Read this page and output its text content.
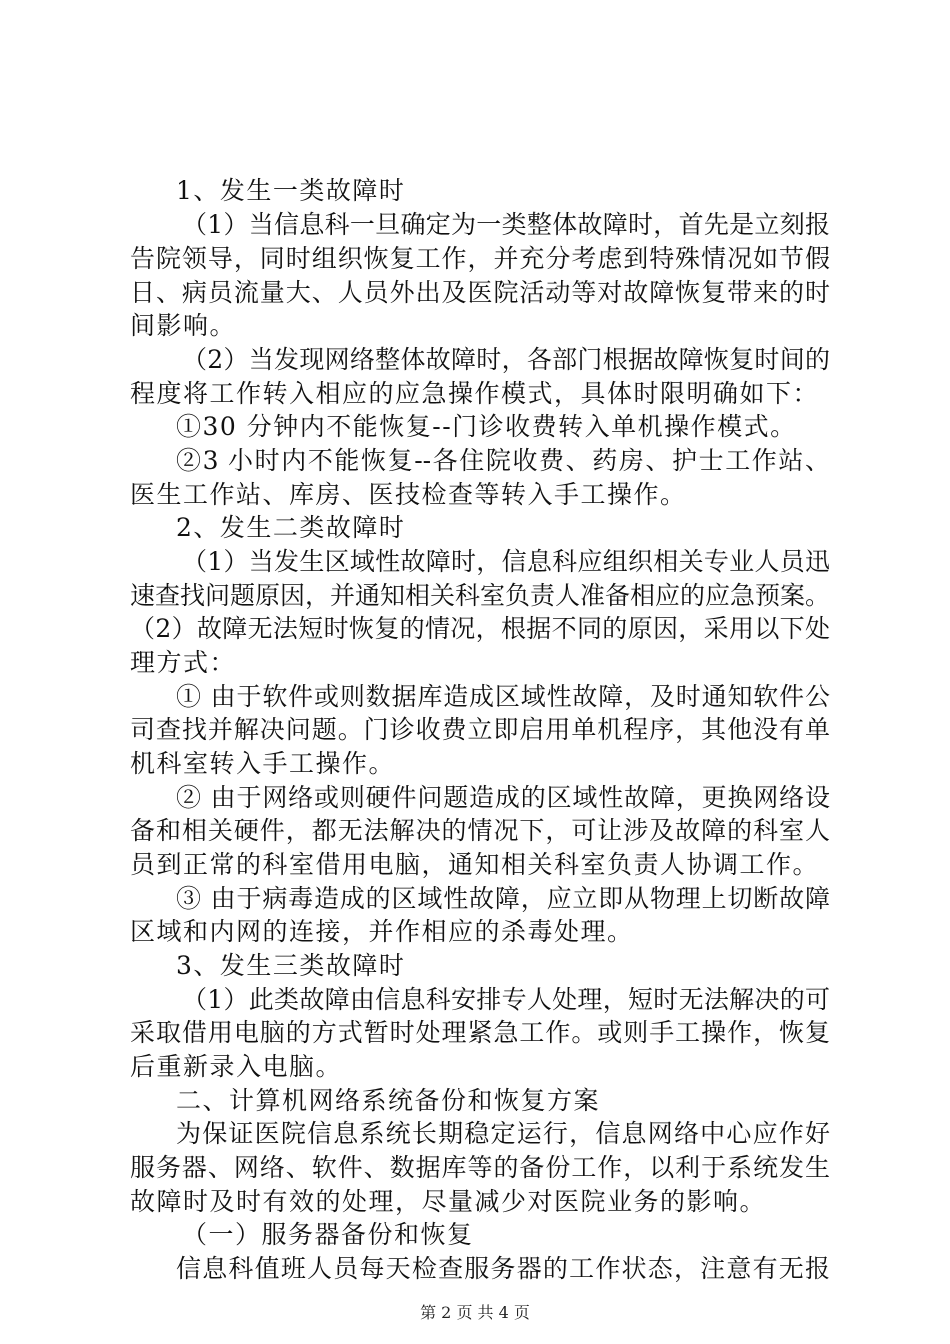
1、发生一类故障时
（1）当信息科一旦确定为一类整体故障时，首先是立刻报
告院领导，同时组织恢复工作，并充分考虑到特殊情况如节假
日、病员流量大、人员外出及医院活动等对故障恢复带来的时
间影响。
（2）当发现网络整体故障时，各部门根据故障恢复时间的
程度将工作转入相应的应急操作模式，具体时限明确如下：
①30 分钟内不能恢复--门诊收费转入单机操作模式。
②3 小时内不能恢复--各住院收费、药房、护士工作站、
医生工作站、库房、医技检查等转入手工操作。
2、发生二类故障时
（1）当发生区域性故障时，信息科应组织相关专业人员迅
速查找问题原因，并通知相关科室负责人准备相应的应急预案。
（2）故障无法短时恢复的情况，根据不同的原因，采用以下处
理方式：
① 由于软件或则数据库造成区域性故障，及时通知软件公
司查找并解决问题。门诊收费立即启用单机程序，其他没有单
机科室转入手工操作。
② 由于网络或则硬件问题造成的区域性故障，更换网络设
备和相关硬件，都无法解决的情况下，可让涉及故障的科室人
员到正常的科室借用电脑，通知相关科室负责人协调工作。
③ 由于病毒造成的区域性故障，应立即从物理上切断故障
区域和内网的连接，并作相应的杀毒处理。
3、发生三类故障时
（1）此类故障由信息科安排专人处理，短时无法解决的可
采取借用电脑的方式暂时处理紧急工作。或则手工操作，恢复
后重新录入电脑。
二、计算机网络系统备份和恢复方案
为保证医院信息系统长期稳定运行，信息网络中心应作好
服务器、网络、软件、数据库等的备份工作，以利于系统发生
故障时及时有效的处理，尽量减少对医院业务的影响。
（一）服务器备份和恢复
信息科值班人员每天检查服务器的工作状态，注意有无报
第 2 页 共 4 页
